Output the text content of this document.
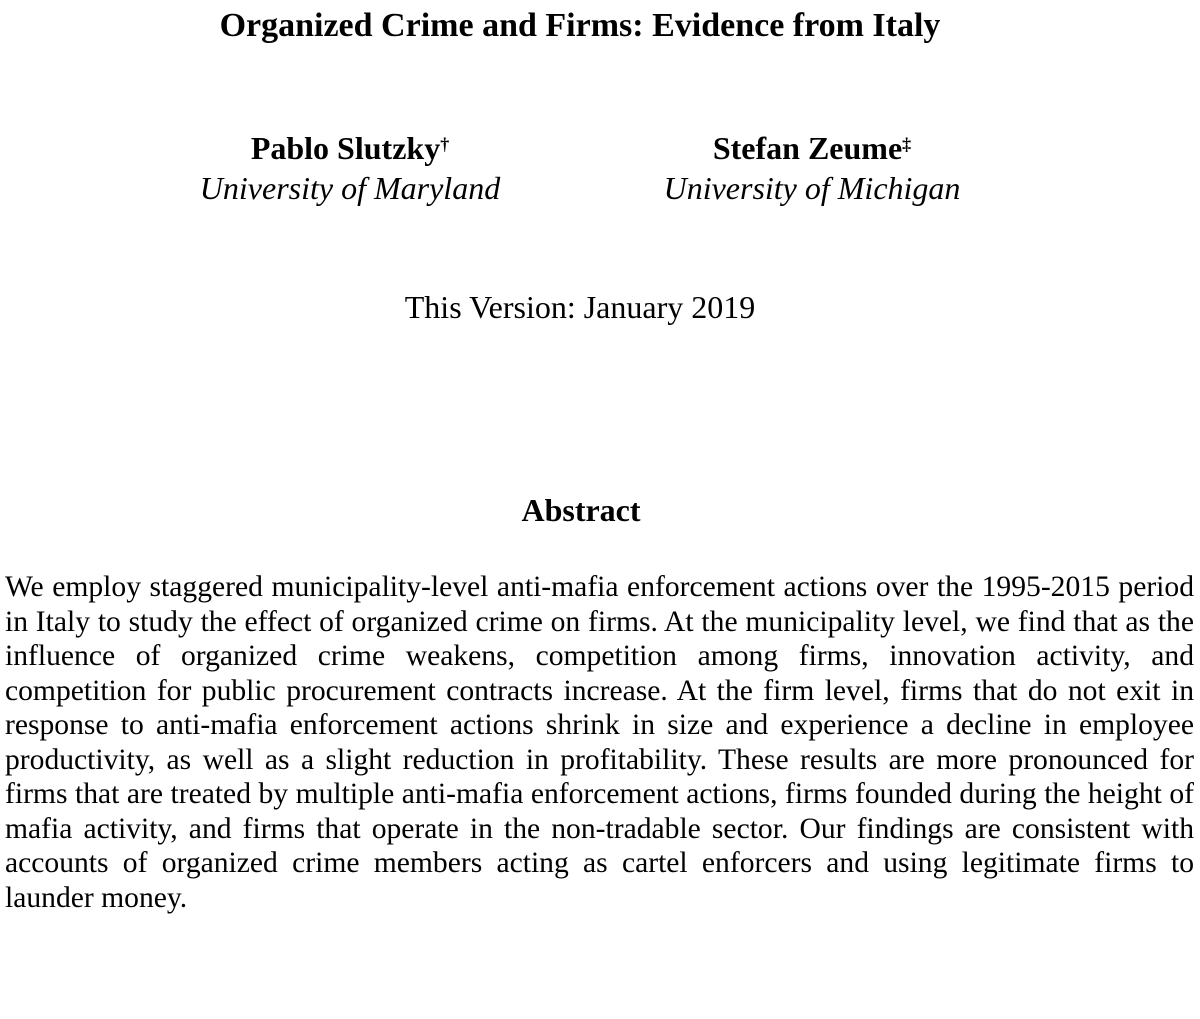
Organized Crime and Firms: Evidence from Italy
Pablo Slutzky†
University of Maryland
Stefan Zeume‡
University of Michigan
This Version: January 2019
Abstract

We employ staggered municipality-level anti-mafia enforcement actions over the 1995-2015 period in Italy to study the effect of organized crime on firms. At the municipality level, we find that as the influence of organized crime weakens, competition among firms, innovation activity, and competition for public procurement contracts increase. At the firm level, firms that do not exit in response to anti-mafia enforcement actions shrink in size and experience a decline in employee productivity, as well as a slight reduction in profitability. These results are more pronounced for firms that are treated by multiple anti-mafia enforcement actions, firms founded during the height of mafia activity, and firms that operate in the non-tradable sector. Our findings are consistent with accounts of organized crime members acting as cartel enforcers and using legitimate firms to launder money.
